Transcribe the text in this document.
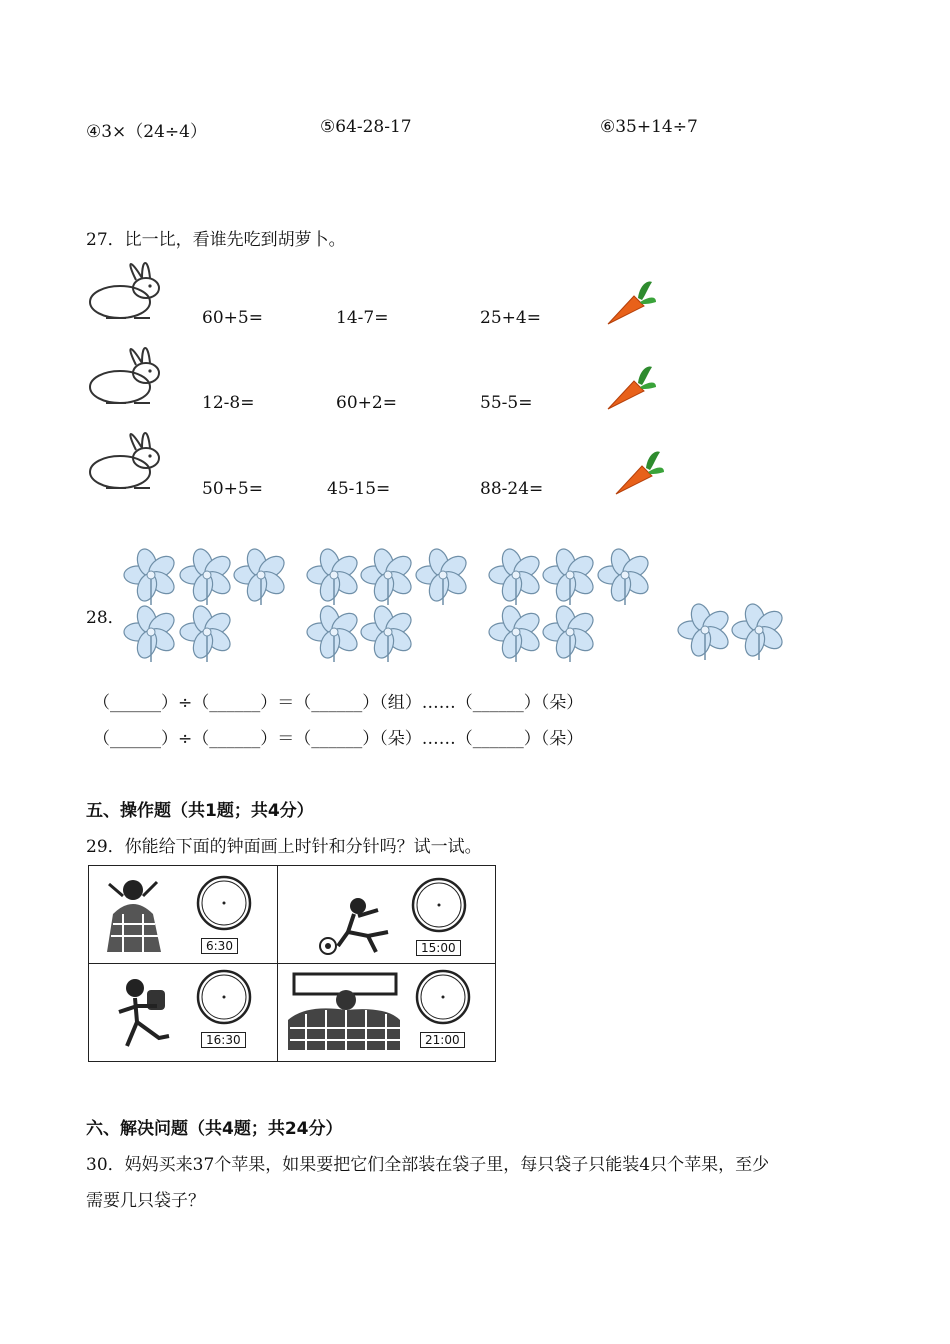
④3×（24÷4）	⑤64-28-17	⑥35+14÷7
27．比一比，看谁先吃到胡萝卜。
60+5=	14-7=	25+4=
12-8=	60+2=	55-5=
50+5=	45-15=	88-24=
28．
（______）÷（______）＝（______）（组）……（______）（朵）
（______）÷（______）＝（______）（朵）……（______）（朵）
五、操作题（共1题；共4分）
29．你能给下面的钟面画上时针和分针吗？试一试。
6:30	15:00
16:30	21:00
六、解决问题（共4题；共24分）
30．妈妈买来37个苹果，如果要把它们全部装在袋子里，每只袋子只能装4只个苹果，至少
需要几只袋子？
